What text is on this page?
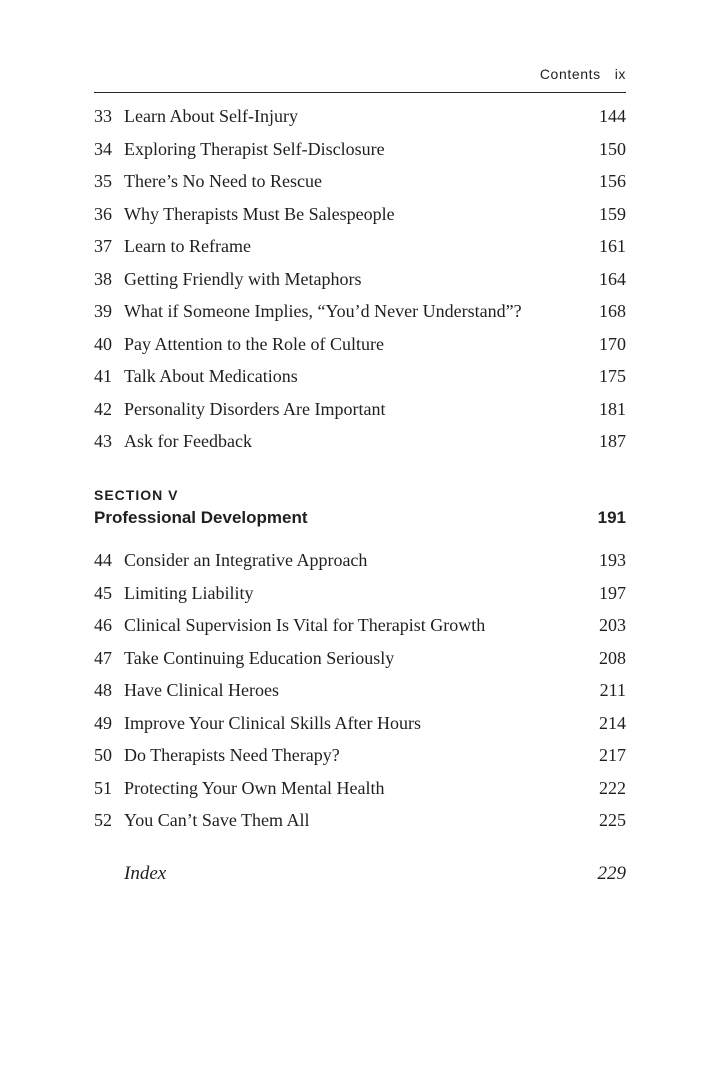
Contents ix
33 Learn About Self-Injury	144
34 Exploring Therapist Self-Disclosure	150
35 There’s No Need to Rescue	156
36 Why Therapists Must Be Salespeople	159
37 Learn to Reframe	161
38 Getting Friendly with Metaphors	164
39 What if Someone Implies, “You’d Never Understand”?	168
40 Pay Attention to the Role of Culture	170
41 Talk About Medications	175
42 Personality Disorders Are Important	181
43 Ask for Feedback	187
SECTION V
Professional Development	191
44 Consider an Integrative Approach	193
45 Limiting Liability	197
46 Clinical Supervision Is Vital for Therapist Growth	203
47 Take Continuing Education Seriously	208
48 Have Clinical Heroes	211
49 Improve Your Clinical Skills After Hours	214
50 Do Therapists Need Therapy?	217
51 Protecting Your Own Mental Health	222
52 You Can’t Save Them All	225
Index	229
